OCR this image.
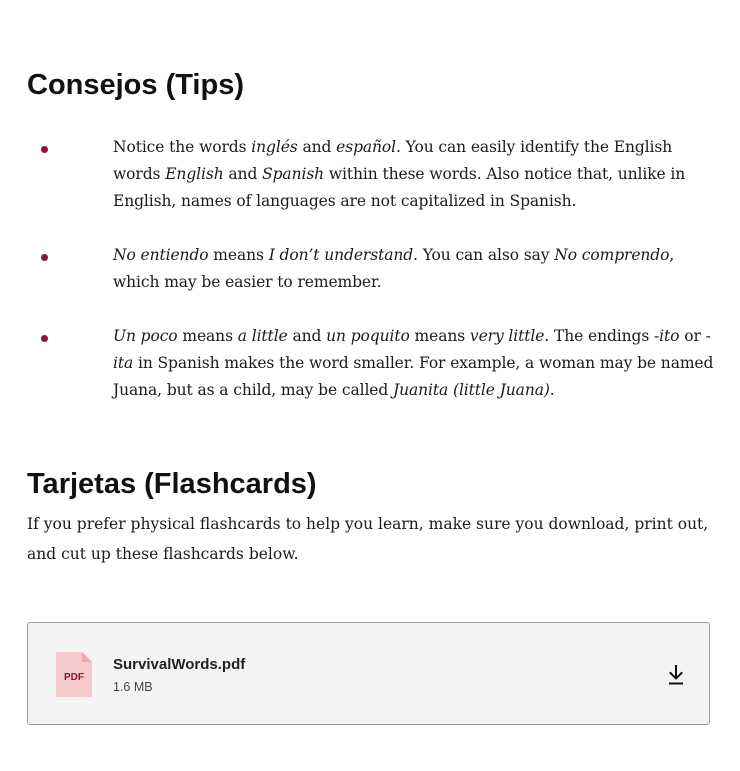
Consejos (Tips)
Notice the words inglés and español. You can easily identify the English words English and Spanish within these words. Also notice that, unlike in English, names of languages are not capitalized in Spanish.
No entiendo means I don’t understand. You can also say No comprendo, which may be easier to remember.
Un poco means a little and un poquito means very little. The endings -ito or -ita in Spanish makes the word smaller. For example, a woman may be named Juana, but as a child, may be called Juanita (little Juana).
Tarjetas (Flashcards)

If you prefer physical flashcards to help you learn, make sure you download, print out, and cut up these flashcards below.

PDF
SurvivalWords.pdf
1.6 MB
